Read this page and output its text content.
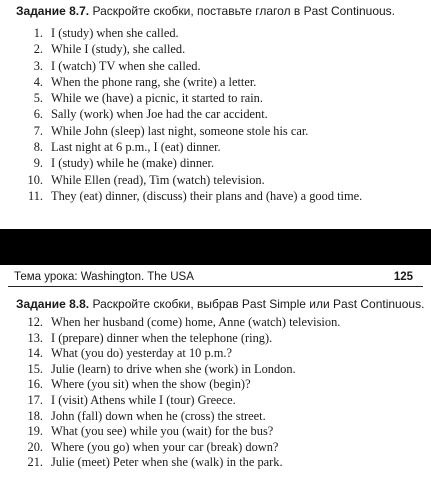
Задание 8.7. Раскройте скобки, поставьте глагол в Past Continuous.
1. I (study) when she called.
2. While I (study), she called.
3. I (watch) TV when she called.
4. When the phone rang, she (write) a letter.
5. While we (have) a picnic, it started to rain.
6. Sally (work) when Joe had the car accident.
7. While John (sleep) last night, someone stole his car.
8. Last night at 6 p.m., I (eat) dinner.
9. I (study) while he (make) dinner.
10. While Ellen (read), Tim (watch) television.
11. They (eat) dinner, (discuss) their plans and (have) a good time.
Тема урока: Washington. The USA	125
Задание 8.8. Раскройте скобки, выбрав Past Simple или Past Continuous.
12. When her husband (come) home, Anne (watch) television.
13. I (prepare) dinner when the telephone (ring).
14. What (you do) yesterday at 10 p.m.?
15. Julie (learn) to drive when she (work) in London.
16. Where (you sit) when the show (begin)?
17. I (visit) Athens while I (tour) Greece.
18. John (fall) down when he (cross) the street.
19. What (you see) while you (wait) for the bus?
20. Where (you go) when your car (break) down?
21. Julie (meet) Peter when she (walk) in the park.
